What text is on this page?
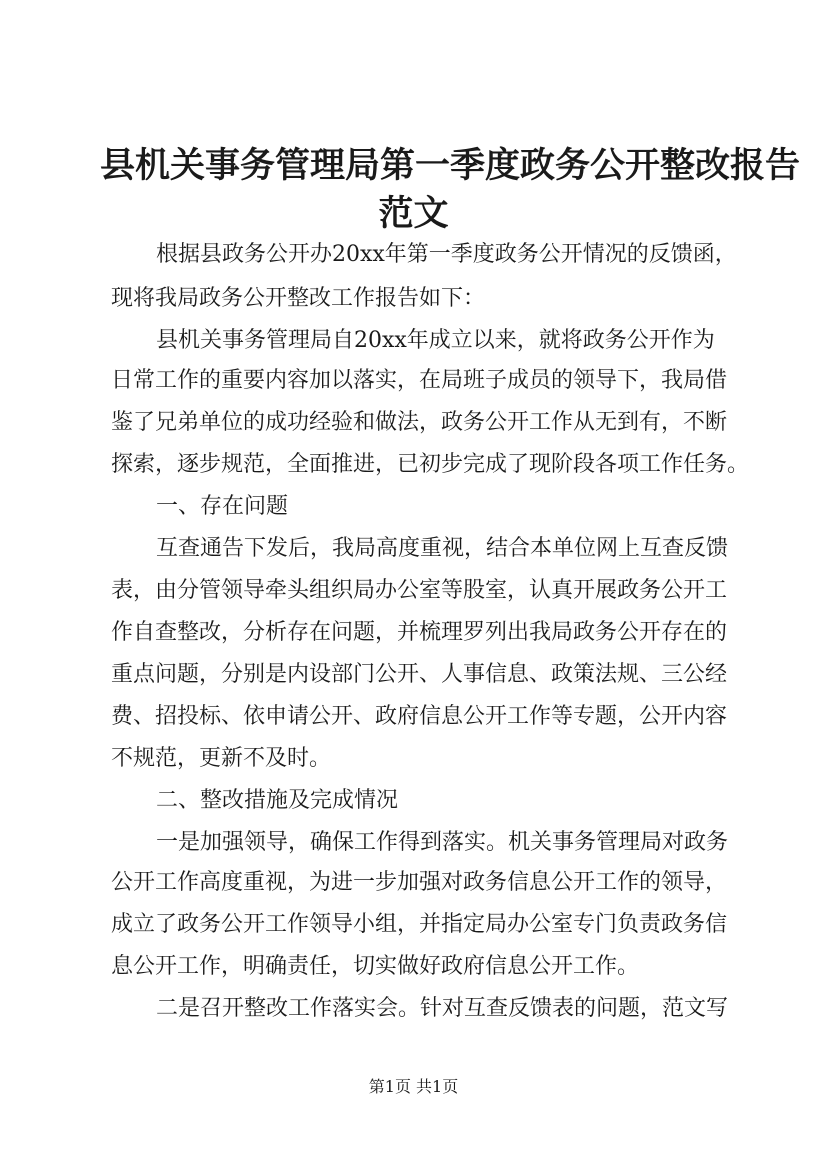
县机关事务管理局第一季度政务公开整改报告
范文

根据县政务公开办20xx年第一季度政务公开情况的反馈函，

现将我局政务公开整改工作报告如下：

县机关事务管理局自20xx年成立以来，就将政务公开作为

日常工作的重要内容加以落实，在局班子成员的领导下，我局借

鉴了兄弟单位的成功经验和做法，政务公开工作从无到有，不断

探索，逐步规范，全面推进，已初步完成了现阶段各项工作任务。

一、存在问题

互查通告下发后，我局高度重视，结合本单位网上互查反馈

表，由分管领导牵头组织局办公室等股室，认真开展政务公开工

作自查整改，分析存在问题，并梳理罗列出我局政务公开存在的

重点问题，分别是内设部门公开、人事信息、政策法规、三公经

费、招投标、依申请公开、政府信息公开工作等专题，公开内容

不规范，更新不及时。

二、整改措施及完成情况

一是加强领导，确保工作得到落实。机关事务管理局对政务

公开工作高度重视，为进一步加强对政务信息公开工作的领导，

成立了政务公开工作领导小组，并指定局办公室专门负责政务信

息公开工作，明确责任，切实做好政府信息公开工作。

二是召开整改工作落实会。针对互查反馈表的问题，范文写

第1页 共1页
